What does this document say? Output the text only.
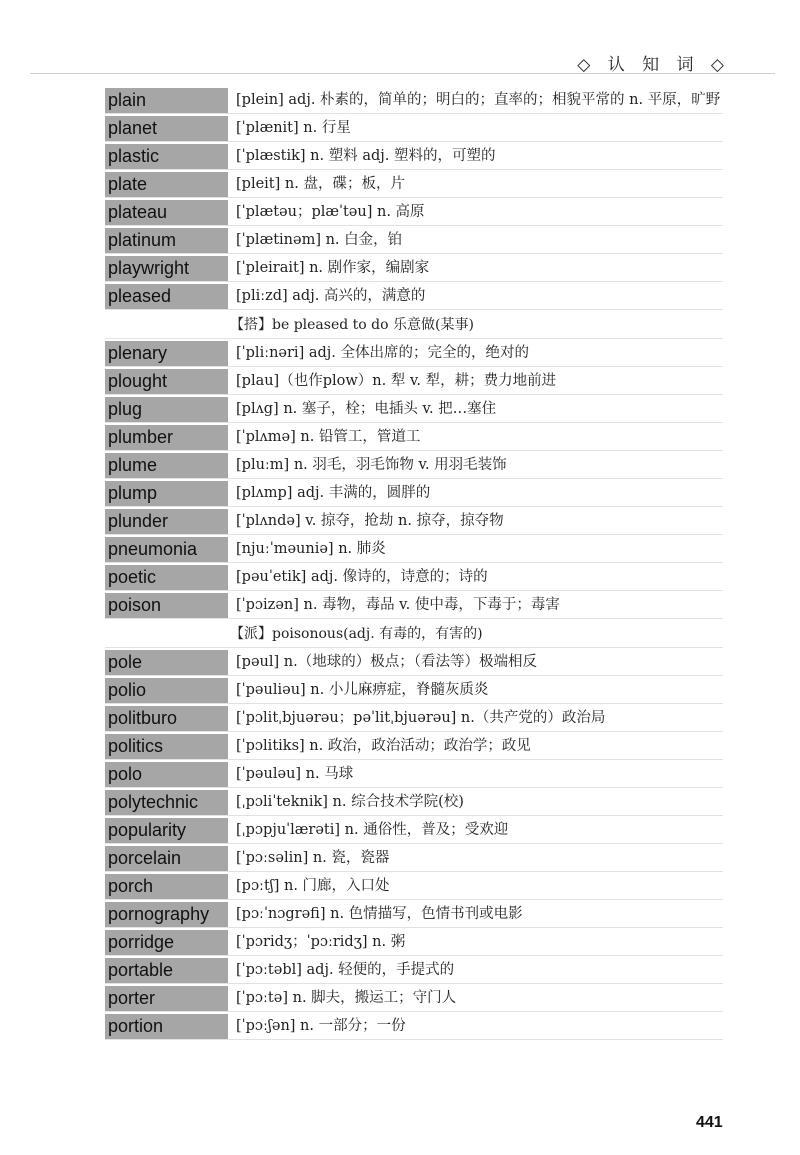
◇ 认 知 词 ◇
plain	[plein] adj. 朴素的，简单的；明白的；直率的；相貌平常的 n. 平原，旷野
planet	[ˈplænit] n. 行星
plastic	[ˈplæstik] n. 塑料 adj. 塑料的，可塑的
plate	[pleit] n. 盘，碟；板，片
plateau	[ˈplætəu；plæˈtəu] n. 高原
platinum	[ˈplætinəm] n. 白金，铂
playwright	[ˈpleirait] n. 剧作家，编剧家
pleased	[pliːzd] adj. 高兴的，满意的
【搭】be pleased to do 乐意做(某事)
plenary	[ˈpliːnəri] adj. 全体出席的；完全的，绝对的
plought	[plau]（也作plow）n. 犁 v. 犁，耕；费力地前进
plug	[plʌg] n. 塞子，栓；电插头 v. 把…塞住
plumber	[ˈplʌmə] n. 铅管工，管道工
plume	[pluːm] n. 羽毛，羽毛饰物 v. 用羽毛装饰
plump	[plʌmp] adj. 丰满的，圆胖的
plunder	[ˈplʌndə] v. 掠夺，抢劫 n. 掠夺，掠夺物
pneumonia	[njuːˈməuniə] n. 肺炎
poetic	[pəuˈetik] adj. 像诗的，诗意的；诗的
poison	[ˈpɔizən] n. 毒物，毒品 v. 使中毒，下毒于；毒害
【派】poisonous(adj. 有毒的，有害的)
pole	[pəul] n.（地球的）极点；（看法等）极端相反
polio	[ˈpəuliəu] n. 小儿麻痹症，脊髓灰质炎
politburo	[ˈpɔlitˌbjuərəu；pəˈlitˌbjuərəu] n.（共产党的）政治局
politics	[ˈpɔlitiks] n. 政治，政治活动；政治学；政见
polo	[ˈpəuləu] n. 马球
polytechnic	[ˌpɔliˈteknik] n. 综合技术学院(校)
popularity	[ˌpɔpjuˈlærəti] n. 通俗性，普及；受欢迎
porcelain	[ˈpɔːsəlin] n. 瓷，瓷器
porch	[pɔːtʃ] n. 门廊，入口处
pornography	[pɔːˈnɔgrəfi] n. 色情描写，色情书刊或电影
porridge	[ˈpɔridʒ；ˈpɔːridʒ] n. 粥
portable	[ˈpɔːtəbl] adj. 轻便的，手提式的
porter	[ˈpɔːtə] n. 脚夫，搬运工；守门人
portion	[ˈpɔːʃən] n. 一部分；一份
441
